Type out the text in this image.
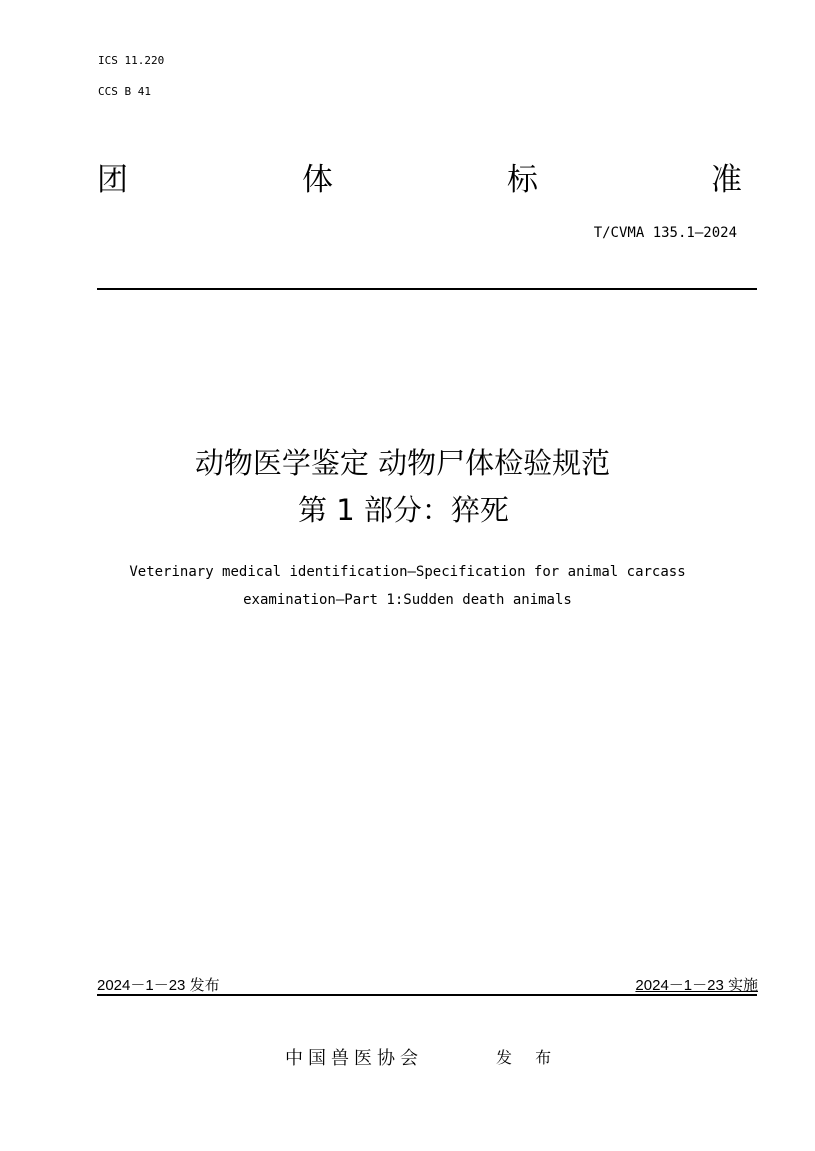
ICS 11.220
CCS B 41
团	体	标	准
T/CVMA 135.1—2024
动物医学鉴定 动物尸体检验规范
第 1 部分：猝死
Veterinary medical identification—Specification for animal carcass
examination—Part 1:Sudden death animals
2024－1－23 发布	2024－1－23 实施
中国兽医协会	发 布
